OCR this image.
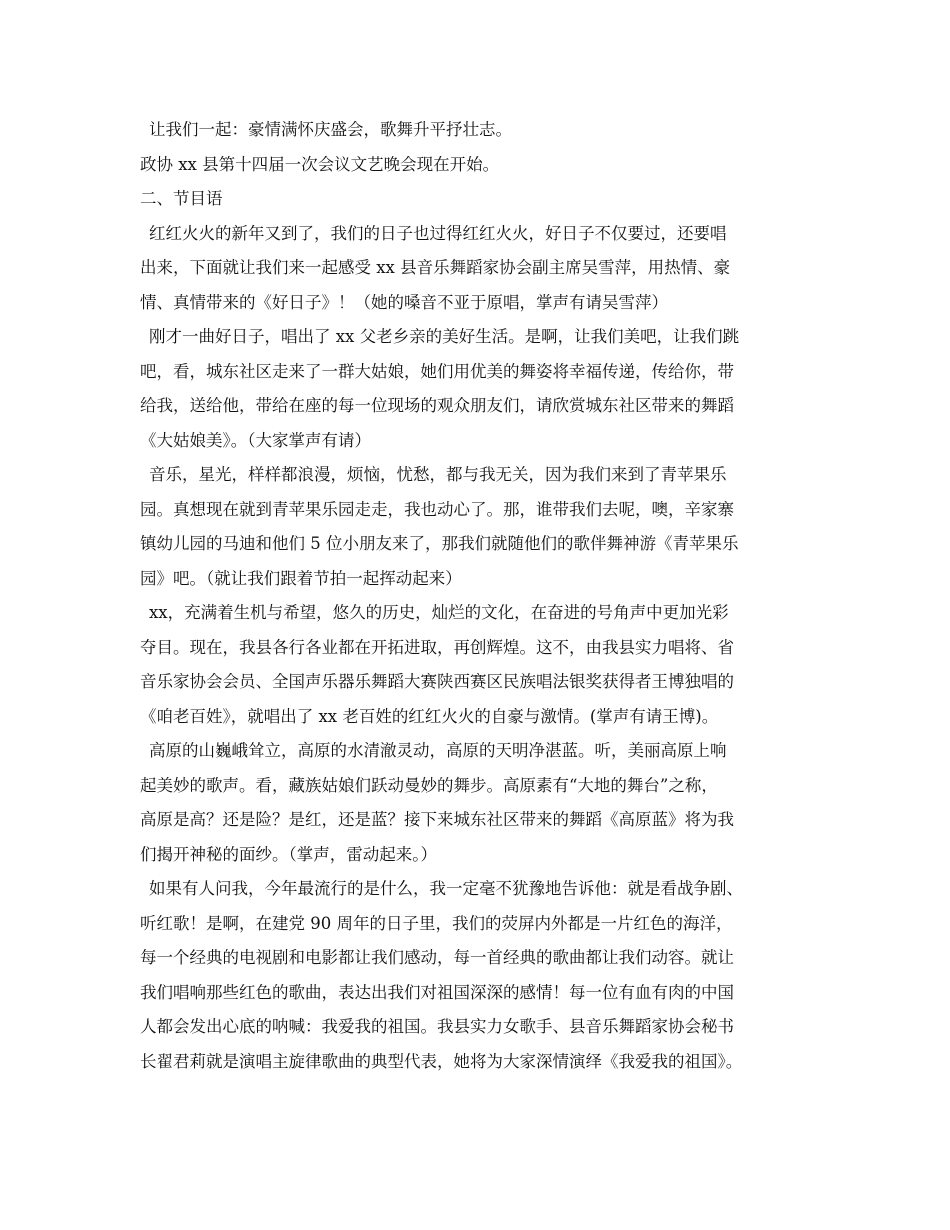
让我们一起：豪情满怀庆盛会，歌舞升平抒壮志。
政协 xx 县第十四届一次会议文艺晚会现在开始。
二、节目语
红红火火的新年又到了，我们的日子也过得红红火火，好日子不仅要过，还要唱
出来，下面就让我们来一起感受 xx 县音乐舞蹈家协会副主席吴雪萍，用热情、豪
情、真情带来的《好日子》！（她的嗓音不亚于原唱，掌声有请吴雪萍）
刚才一曲好日子，唱出了 xx 父老乡亲的美好生活。是啊，让我们美吧，让我们跳
吧，看，城东社区走来了一群大姑娘，她们用优美的舞姿将幸福传递，传给你，带
给我，送给他，带给在座的每一位现场的观众朋友们，请欣赏城东社区带来的舞蹈
《大姑娘美》。（大家掌声有请）
音乐，星光，样样都浪漫，烦恼，忧愁，都与我无关，因为我们来到了青苹果乐
园。真想现在就到青苹果乐园走走，我也动心了。那，谁带我们去呢，噢，辛家寨
镇幼儿园的马迪和他们 5 位小朋友来了，那我们就随他们的歌伴舞神游《青苹果乐
园》吧。（就让我们跟着节拍一起挥动起来）
xx，充满着生机与希望，悠久的历史，灿烂的文化，在奋进的号角声中更加光彩
夺目。现在，我县各行各业都在开拓进取，再创辉煌。这不，由我县实力唱将、省
音乐家协会会员、全国声乐器乐舞蹈大赛陕西赛区民族唱法银奖获得者王博独唱的
《咱老百姓》，就唱出了 xx 老百姓的红红火火的自豪与激情。(掌声有请王博)。
高原的山巍峨耸立，高原的水清澈灵动，高原的天明净湛蓝。听，美丽高原上响
起美妙的歌声。看，藏族姑娘们跃动曼妙的舞步。高原素有“大地的舞台”之称，
高原是高？还是险？是红，还是蓝？接下来城东社区带来的舞蹈《高原蓝》将为我
们揭开神秘的面纱。（掌声，雷动起来。）
如果有人问我，今年最流行的是什么，我一定毫不犹豫地告诉他：就是看战争剧、
听红歌！是啊，在建党 90 周年的日子里，我们的荧屏内外都是一片红色的海洋，
每一个经典的电视剧和电影都让我们感动，每一首经典的歌曲都让我们动容。就让
我们唱响那些红色的歌曲，表达出我们对祖国深深的感情！每一位有血有肉的中国
人都会发出心底的呐喊：我爱我的祖国。我县实力女歌手、县音乐舞蹈家协会秘书
长翟君莉就是演唱主旋律歌曲的典型代表，她将为大家深情演绎《我爱我的祖国》。
